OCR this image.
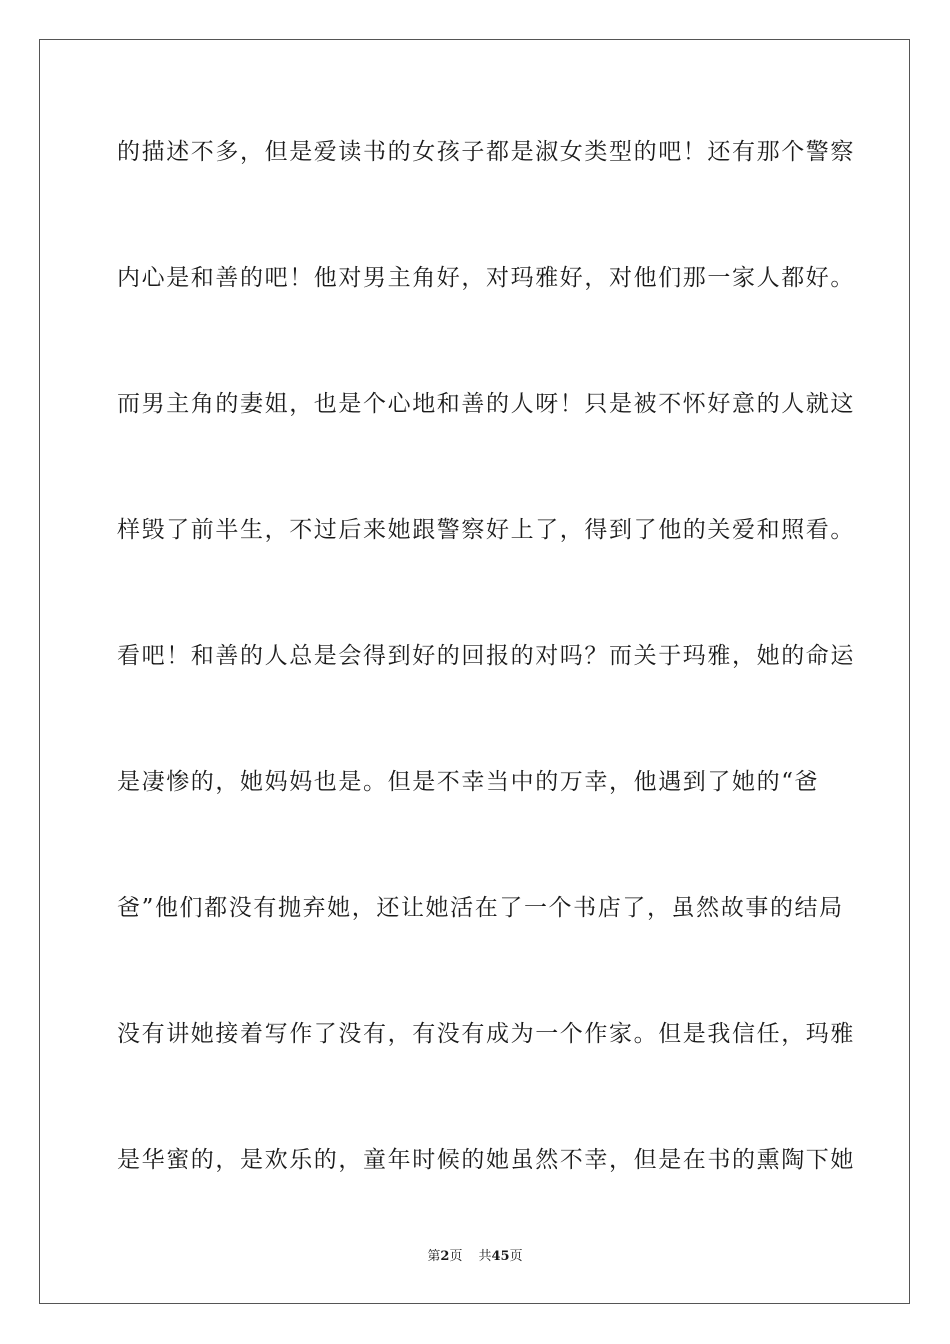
的描述不多，但是爱读书的女孩子都是淑女类型的吧！还有那个警察
内心是和善的吧！他对男主角好，对玛雅好，对他们那一家人都好。
而男主角的妻姐，也是个心地和善的人呀！只是被不怀好意的人就这
样毁了前半生，不过后来她跟警察好上了，得到了他的关爱和照看。
看吧！和善的人总是会得到好的回报的对吗？而关于玛雅，她的命运
是凄惨的，她妈妈也是。但是不幸当中的万幸，他遇到了她的“爸
爸”他们都没有抛弃她，还让她活在了一个书店了，虽然故事的结局
没有讲她接着写作了没有，有没有成为一个作家。但是我信任，玛雅
是华蜜的，是欢乐的，童年时候的她虽然不幸，但是在书的熏陶下她
第2页 共45页
